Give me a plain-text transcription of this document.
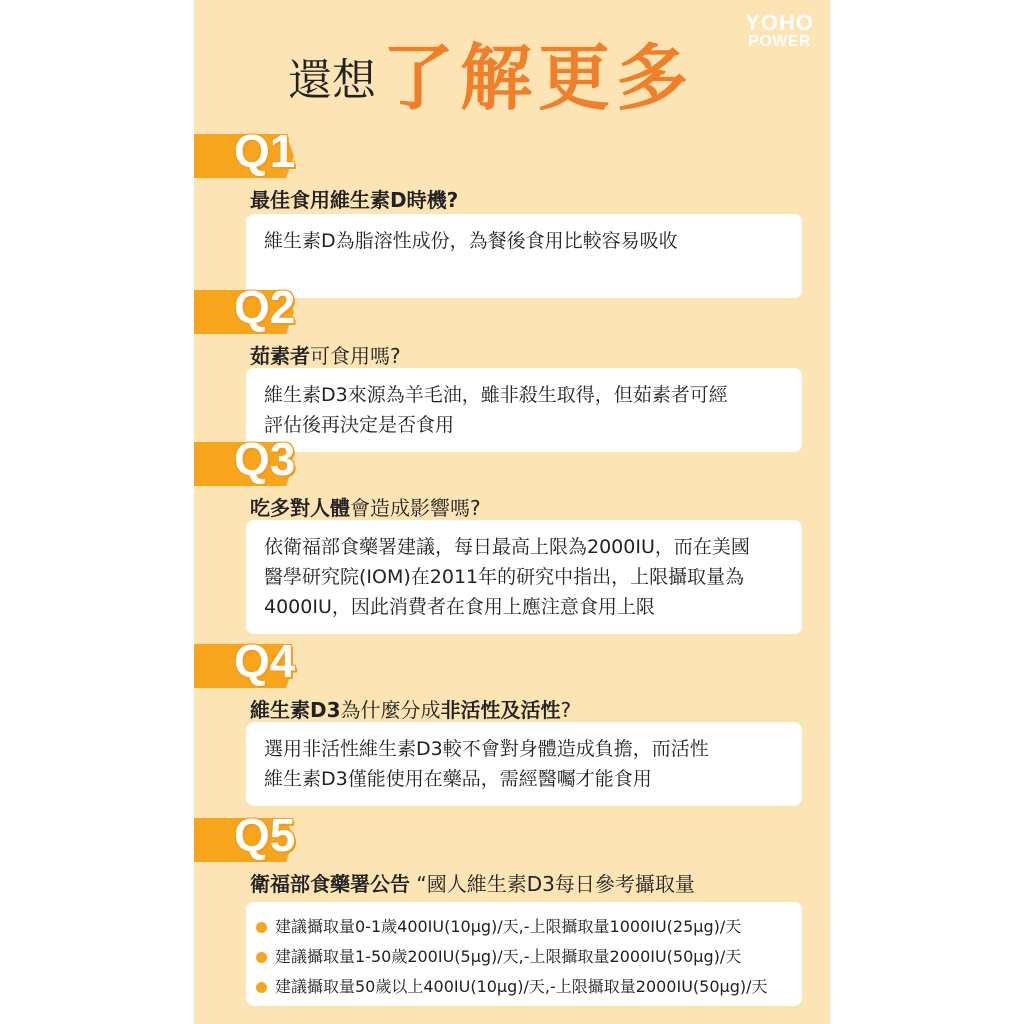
YOHO
POWER
還想 了解更多
Q1
最佳食用維生素D時機?

維生素D為脂溶性成份，為餐後食用比較容易吸收

Q2
茹素者可食用嗎?

維生素D3來源為羊毛油，雖非殺生取得，但茹素者可經

評估後再決定是否食用

Q3
吃多對人體會造成影響嗎?

依衛福部食藥署建議，每日最高上限為2000IU，而在美國

醫學研究院(IOM)在2011年的研究中指出，上限攝取量為

4000IU，因此消費者在食用上應注意食用上限

Q4
維生素D3為什麼分成非活性及活性?

選用非活性維生素D3較不會對身體造成負擔，而活性

維生素D3僅能使用在藥品，需經醫囑才能食用

Q5
衛福部食藥署公告 “國人維生素D3每日參考攝取量
建議攝取量0-1歲400IU(10μg)/天,-上限攝取量1000IU(25μg)/天
建議攝取量1-50歲200IU(5μg)/天,-上限攝取量2000IU(50μg)/天
建議攝取量50歲以上400IU(10μg)/天,-上限攝取量2000IU(50μg)/天
